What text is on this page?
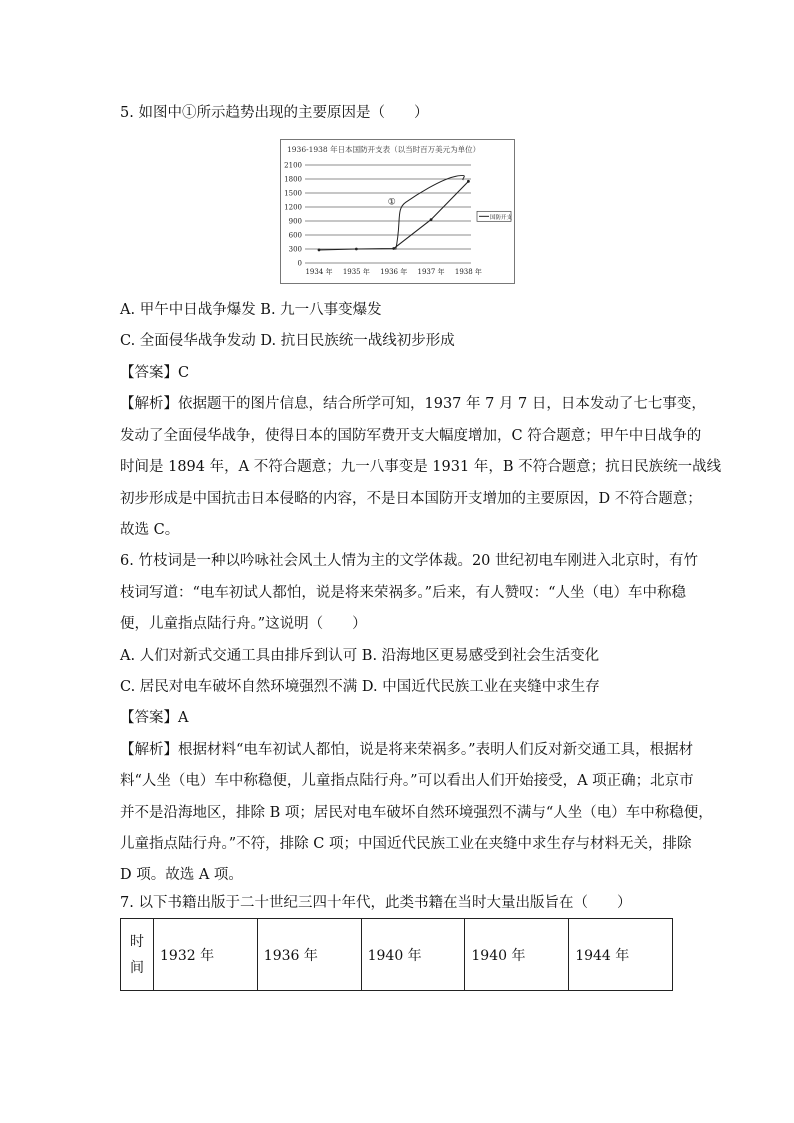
5. 如图中①所示趋势出现的主要原因是（　　）
1936-1938 年日本国防开支表（以当时百万美元为单位）
2100
1800
1500
1200
900
600
300
0
1934 年 1935 年 1936 年 1937 年 1938 年
①
国防开支
A. 甲午中日战争爆发 B. 九一八事变爆发
C. 全面侵华战争发动 D. 抗日民族统一战线初步形成
【答案】C
【解析】依据题干的图片信息，结合所学可知，1937 年 7 月 7 日，日本发动了七七事变，
发动了全面侵华战争，使得日本的国防军费开支大幅度增加，C 符合题意；甲午中日战争的
时间是 1894 年，A 不符合题意；九一八事变是 1931 年，B 不符合题意；抗日民族统一战线
初步形成是中国抗击日本侵略的内容，不是日本国防开支增加的主要原因，D 不符合题意；
故选 C。
6. 竹枝词是一种以吟咏社会风土人情为主的文学体裁。20 世纪初电车刚进入北京时，有竹
枝词写道：“电车初试人都怕，说是将来荣祸多。”后来，有人赞叹：“人坐（电）车中称稳
便，儿童指点陆行舟。”这说明（　　）
A. 人们对新式交通工具由排斥到认可 B. 沿海地区更易感受到社会生活变化
C. 居民对电车破坏自然环境强烈不满 D. 中国近代民族工业在夹缝中求生存
【答案】A
【解析】根据材料“电车初试人都怕，说是将来荣祸多。”表明人们反对新交通工具，根据材
料“人坐（电）车中称稳便，儿童指点陆行舟。”可以看出人们开始接受，A 项正确；北京市
并不是沿海地区，排除 B 项；居民对电车破坏自然环境强烈不满与“人坐（电）车中称稳便，
儿童指点陆行舟。”不符，排除 C 项；中国近代民族工业在夹缝中求生存与材料无关，排除
D 项。故选 A 项。
7. 以下书籍出版于二十世纪三四十年代，此类书籍在当时大量出版旨在（　　）
时间	1932 年	1936 年	1940 年	1940 年	1944 年
